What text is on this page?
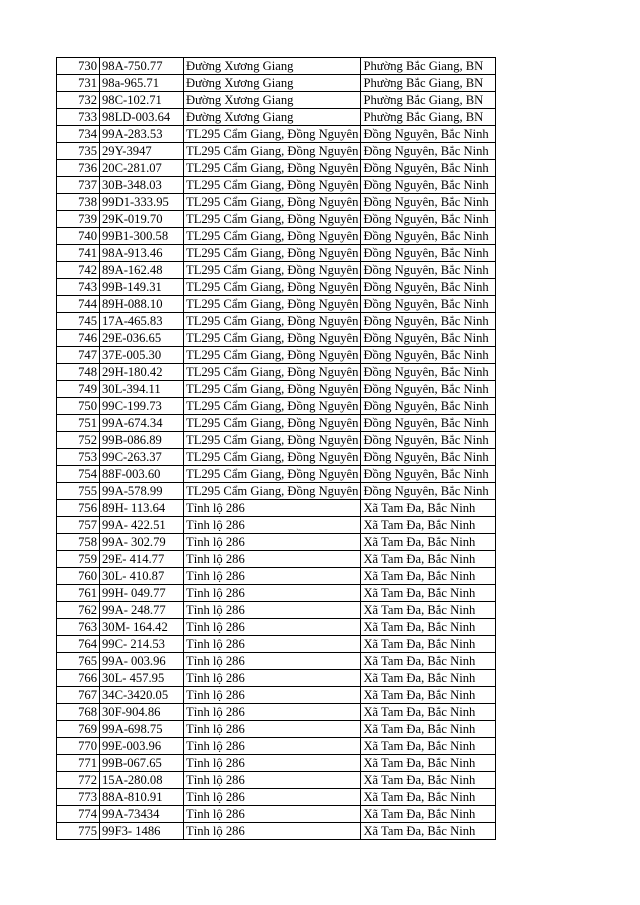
730	98A-750.77	Đường Xương Giang	Phường Bắc Giang, BN
731	98a-965.71	Đường Xương Giang	Phường Bắc Giang, BN
732	98C-102.71	Đường Xương Giang	Phường Bắc Giang, BN
733	98LD-003.64	Đường Xương Giang	Phường Bắc Giang, BN
734	99A-283.53	TL295 Cẩm Giang, Đồng Nguyên	Đồng Nguyên, Bắc Ninh
735	29Y-3947	TL295 Cẩm Giang, Đồng Nguyên	Đồng Nguyên, Bắc Ninh
736	20C-281.07	TL295 Cẩm Giang, Đồng Nguyên	Đồng Nguyên, Bắc Ninh
737	30B-348.03	TL295 Cẩm Giang, Đồng Nguyên	Đồng Nguyên, Bắc Ninh
738	99D1-333.95	TL295 Cẩm Giang, Đồng Nguyên	Đồng Nguyên, Bắc Ninh
739	29K-019.70	TL295 Cẩm Giang, Đồng Nguyên	Đồng Nguyên, Bắc Ninh
740	99B1-300.58	TL295 Cẩm Giang, Đồng Nguyên	Đồng Nguyên, Bắc Ninh
741	98A-913.46	TL295 Cẩm Giang, Đồng Nguyên	Đồng Nguyên, Bắc Ninh
742	89A-162.48	TL295 Cẩm Giang, Đồng Nguyên	Đồng Nguyên, Bắc Ninh
743	99B-149.31	TL295 Cẩm Giang, Đồng Nguyên	Đồng Nguyên, Bắc Ninh
744	89H-088.10	TL295 Cẩm Giang, Đồng Nguyên	Đồng Nguyên, Bắc Ninh
745	17A-465.83	TL295 Cẩm Giang, Đồng Nguyên	Đồng Nguyên, Bắc Ninh
746	29E-036.65	TL295 Cẩm Giang, Đồng Nguyên	Đồng Nguyên, Bắc Ninh
747	37E-005.30	TL295 Cẩm Giang, Đồng Nguyên	Đồng Nguyên, Bắc Ninh
748	29H-180.42	TL295 Cẩm Giang, Đồng Nguyên	Đồng Nguyên, Bắc Ninh
749	30L-394.11	TL295 Cẩm Giang, Đồng Nguyên	Đồng Nguyên, Bắc Ninh
750	99C-199.73	TL295 Cẩm Giang, Đồng Nguyên	Đồng Nguyên, Bắc Ninh
751	99A-674.34	TL295 Cẩm Giang, Đồng Nguyên	Đồng Nguyên, Bắc Ninh
752	99B-086.89	TL295 Cẩm Giang, Đồng Nguyên	Đồng Nguyên, Bắc Ninh
753	99C-263.37	TL295 Cẩm Giang, Đồng Nguyên	Đồng Nguyên, Bắc Ninh
754	88F-003.60	TL295 Cẩm Giang, Đồng Nguyên	Đồng Nguyên, Bắc Ninh
755	99A-578.99	TL295 Cẩm Giang, Đồng Nguyên	Đồng Nguyên, Bắc Ninh
756	89H- 113.64	Tỉnh lộ 286	Xã Tam Đa, Bắc Ninh
757	99A- 422.51	Tỉnh lộ 286	Xã Tam Đa, Bắc Ninh
758	99A- 302.79	Tỉnh lộ 286	Xã Tam Đa, Bắc Ninh
759	29E- 414.77	Tỉnh lộ 286	Xã Tam Đa, Bắc Ninh
760	30L- 410.87	Tỉnh lộ 286	Xã Tam Đa, Bắc Ninh
761	99H- 049.77	Tỉnh lộ 286	Xã Tam Đa, Bắc Ninh
762	99A- 248.77	Tỉnh lộ 286	Xã Tam Đa, Bắc Ninh
763	30M- 164.42	Tỉnh lộ 286	Xã Tam Đa, Bắc Ninh
764	99C- 214.53	Tỉnh lộ 286	Xã Tam Đa, Bắc Ninh
765	99A- 003.96	Tỉnh lộ 286	Xã Tam Đa, Bắc Ninh
766	30L- 457.95	Tỉnh lộ 286	Xã Tam Đa, Bắc Ninh
767	34C-3420.05	Tỉnh lộ 286	Xã Tam Đa, Bắc Ninh
768	30F-904.86	Tỉnh lộ 286	Xã Tam Đa, Bắc Ninh
769	99A-698.75	Tỉnh lộ 286	Xã Tam Đa, Bắc Ninh
770	99E-003.96	Tỉnh lộ 286	Xã Tam Đa, Bắc Ninh
771	99B-067.65	Tỉnh lộ 286	Xã Tam Đa, Bắc Ninh
772	15A-280.08	Tỉnh lộ 286	Xã Tam Đa, Bắc Ninh
773	88A-810.91	Tỉnh lộ 286	Xã Tam Đa, Bắc Ninh
774	99A-73434	Tỉnh lộ 286	Xã Tam Đa, Bắc Ninh
775	99F3- 1486	Tỉnh lộ 286	Xã Tam Đa, Bắc Ninh
